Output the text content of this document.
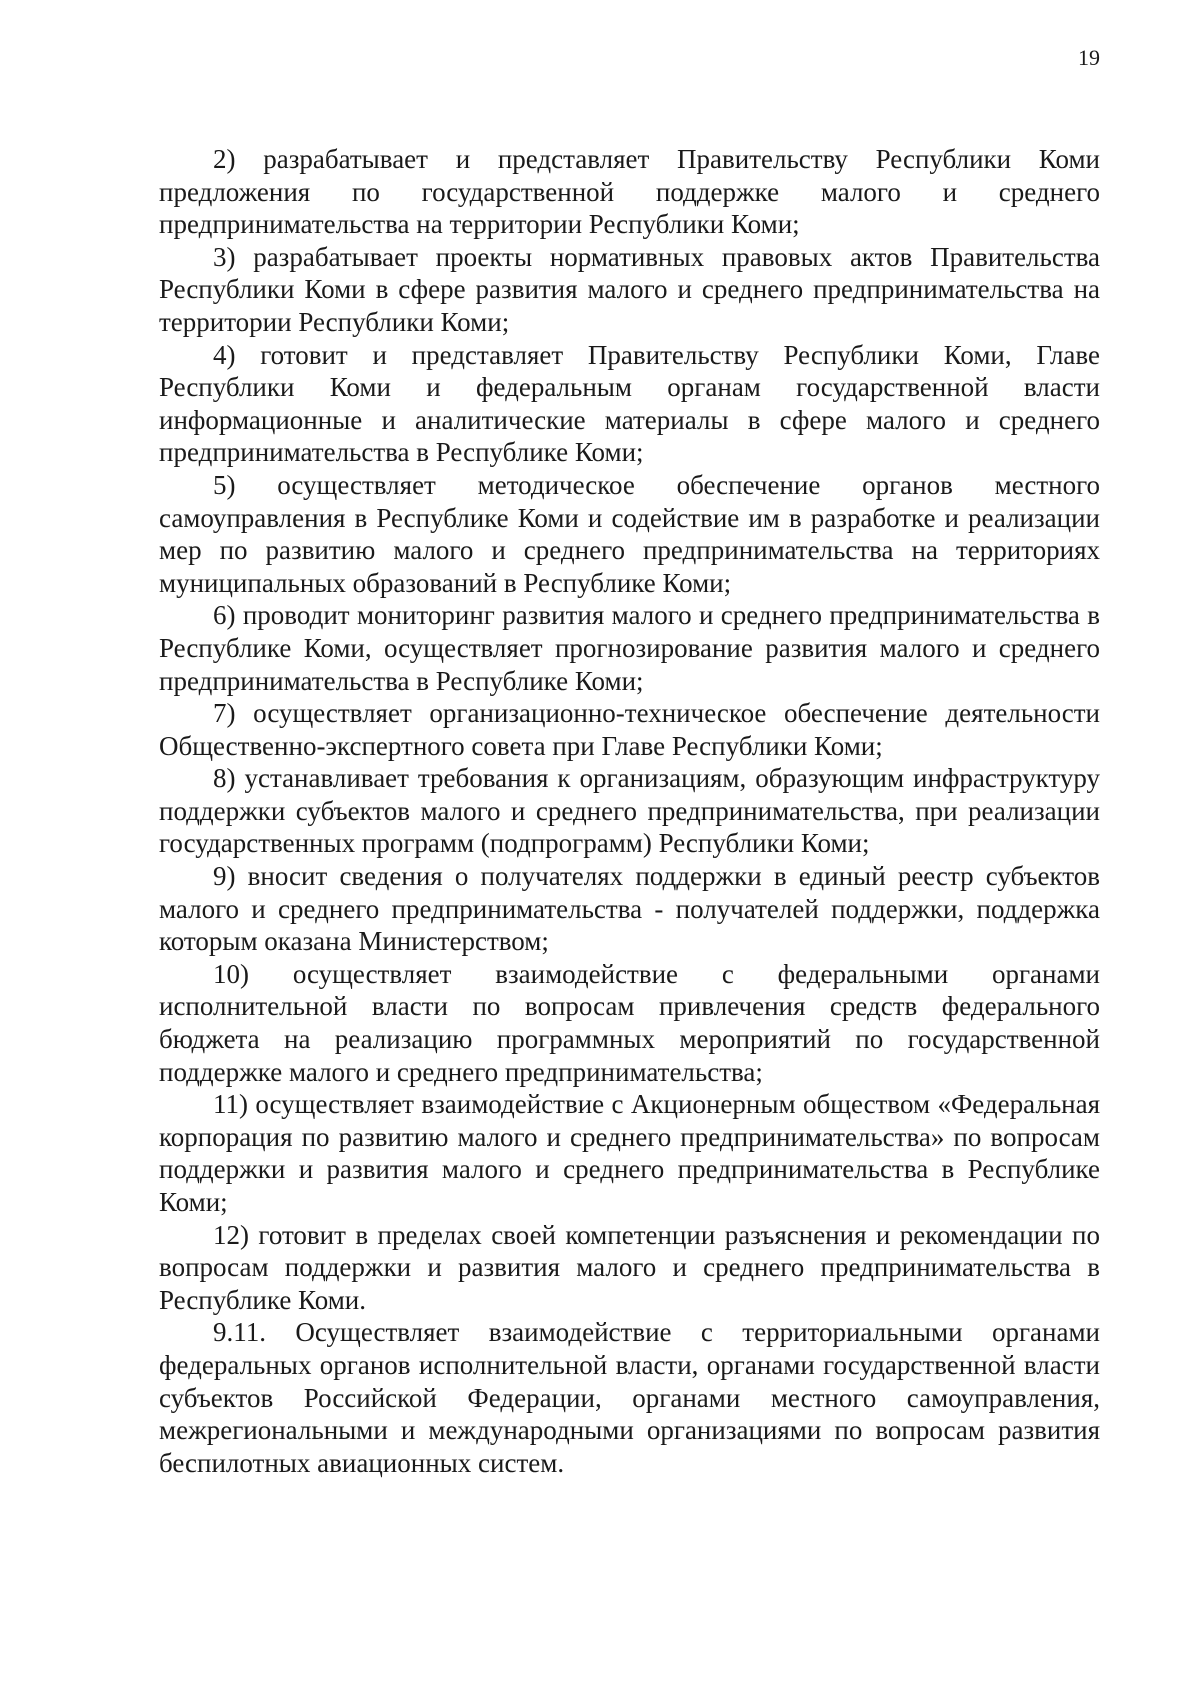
19

2) разрабатывает и представляет Правительству Республики Коми предложения по государственной поддержке малого и среднего предпринимательства на территории Республики Коми;

3) разрабатывает проекты нормативных правовых актов Правительства Республики Коми в сфере развития малого и среднего предпринимательства на территории Республики Коми;

4) готовит и представляет Правительству Республики Коми, Главе Республики Коми и федеральным органам государственной власти информационные и аналитические материалы в сфере малого и среднего предпринимательства в Республике Коми;

5) осуществляет методическое обеспечение органов местного самоуправления в Республике Коми и содействие им в разработке и реализации мер по развитию малого и среднего предпринимательства на территориях муниципальных образований в Республике Коми;

6) проводит мониторинг развития малого и среднего предпринимательства в Республике Коми, осуществляет прогнозирование развития малого и среднего предпринимательства в Республике Коми;

7) осуществляет организационно-техническое обеспечение деятельности Общественно-экспертного совета при Главе Республики Коми;

8) устанавливает требования к организациям, образующим инфраструктуру поддержки субъектов малого и среднего предпринимательства, при реализации государственных программ (подпрограмм) Республики Коми;

9) вносит сведения о получателях поддержки в единый реестр субъектов малого и среднего предпринимательства - получателей поддержки, поддержка которым оказана Министерством;

10) осуществляет взаимодействие с федеральными органами исполнительной власти по вопросам привлечения средств федерального бюджета на реализацию программных мероприятий по государственной поддержке малого и среднего предпринимательства;

11) осуществляет взаимодействие с Акционерным обществом «Федеральная корпорация по развитию малого и среднего предпринимательства» по вопросам поддержки и развития малого и среднего предпринимательства в Республике Коми;

12) готовит в пределах своей компетенции разъяснения и рекомендации по вопросам поддержки и развития малого и среднего предпринимательства в Республике Коми.

9.11. Осуществляет взаимодействие с территориальными органами федеральных органов исполнительной власти, органами государственной власти субъектов Российской Федерации, органами местного самоуправления, межрегиональными и международными организациями по вопросам развития беспилотных авиационных систем.
